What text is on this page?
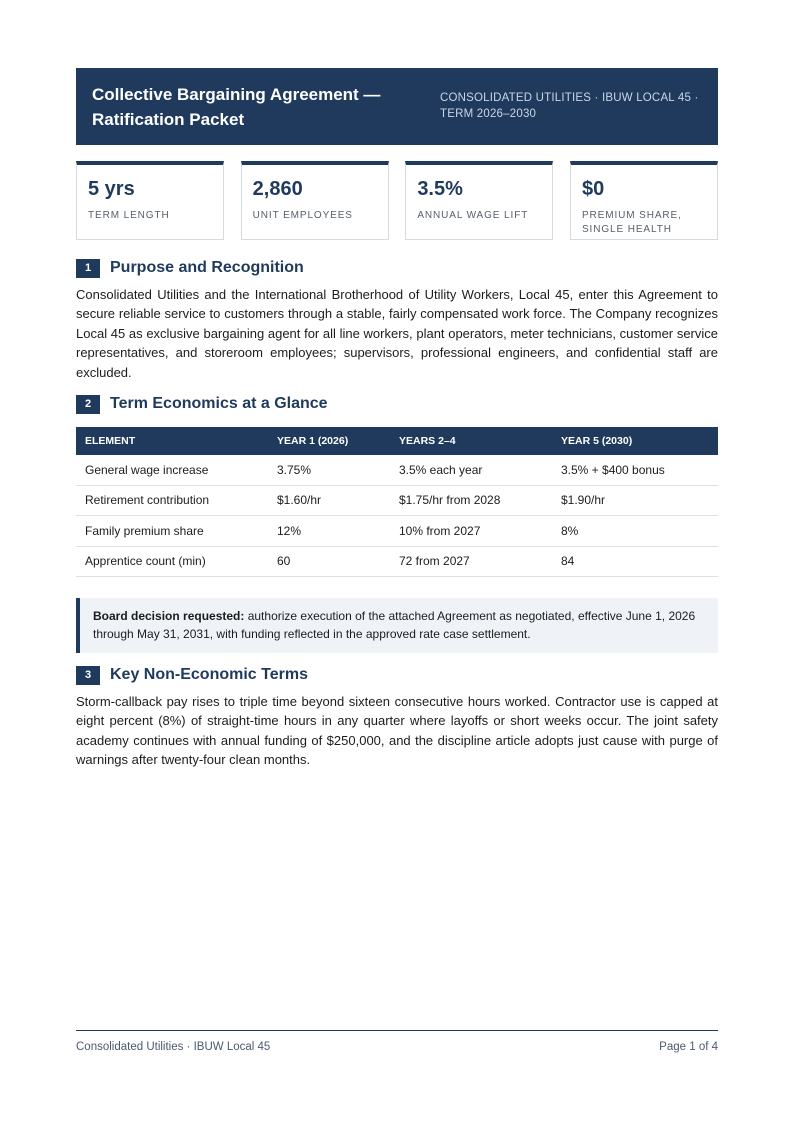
Collective Bargaining Agreement — Ratification Packet
CONSOLIDATED UTILITIES · IBUW LOCAL 45 · TERM 2026–2030
5 yrs
TERM LENGTH
2,860
UNIT EMPLOYEES
3.5%
ANNUAL WAGE LIFT
$0
PREMIUM SHARE, SINGLE HEALTH
1	Purpose and Recognition

Consolidated Utilities and the International Brotherhood of Utility Workers, Local 45, enter this Agreement to secure reliable service to customers through a stable, fairly compensated work force. The Company recognizes Local 45 as exclusive bargaining agent for all line workers, plant operators, meter technicians, customer service representatives, and storeroom employees; supervisors, professional engineers, and confidential staff are excluded.

2	Term Economics at a Glance
ELEMENT	YEAR 1 (2026)	YEARS 2–4	YEAR 5 (2030)
General wage increase	3.75%	3.5% each year	3.5% + $400 bonus
Retirement contribution	$1.60/hr	$1.75/hr from 2028	$1.90/hr
Family premium share	12%	10% from 2027	8%
Apprentice count (min)	60	72 from 2027	84
Board decision requested: authorize execution of the attached Agreement as negotiated, effective June 1, 2026 through May 31, 2031, with funding reflected in the approved rate case settlement.
3	Key Non-Economic Terms

Storm-callback pay rises to triple time beyond sixteen consecutive hours worked. Contractor use is capped at eight percent (8%) of straight-time hours in any quarter where layoffs or short weeks occur. The joint safety academy continues with annual funding of $250,000, and the discipline article adopts just cause with purge of warnings after twenty-four clean months.

Consolidated Utilities · IBUW Local 45	Page 1 of 4
